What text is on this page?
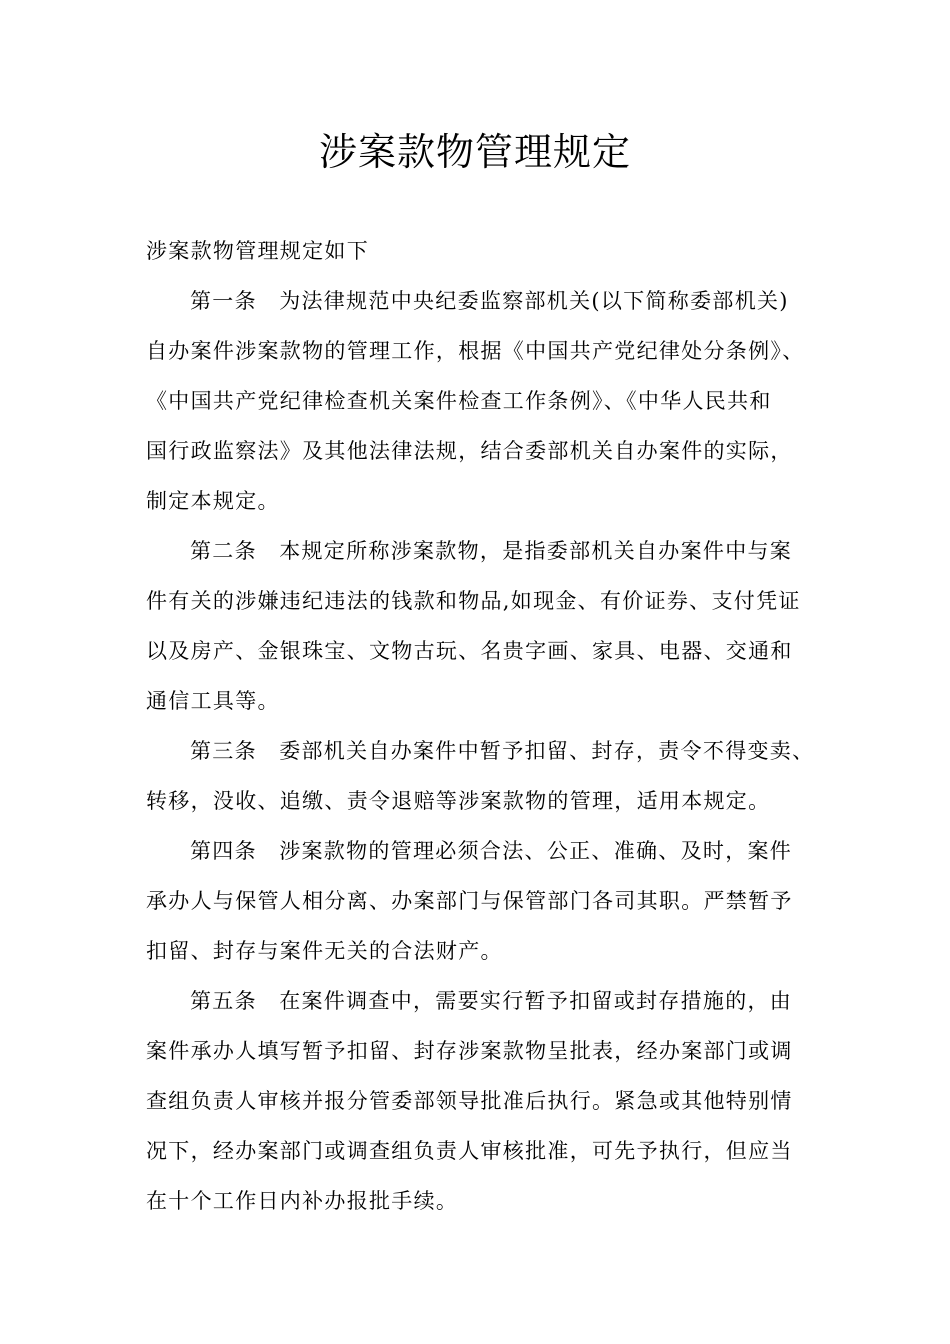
涉案款物管理规定
涉案款物管理规定如下
第一条　为法律规范中央纪委监察部机关(以下简称委部机关)
自办案件涉案款物的管理工作，根据《中国共产党纪律处分条例》、
《中国共产党纪律检查机关案件检查工作条例》、《中华人民共和
国行政监察法》及其他法律法规，结合委部机关自办案件的实际，
制定本规定。
第二条　本规定所称涉案款物，是指委部机关自办案件中与案
件有关的涉嫌违纪违法的钱款和物品,如现金、有价证券、支付凭证
以及房产、金银珠宝、文物古玩、名贵字画、家具、电器、交通和
通信工具等。
第三条　委部机关自办案件中暂予扣留、封存，责令不得变卖、
转移，没收、追缴、责令退赔等涉案款物的管理，适用本规定。
第四条　涉案款物的管理必须合法、公正、准确、及时，案件
承办人与保管人相分离、办案部门与保管部门各司其职。严禁暂予
扣留、封存与案件无关的合法财产。
第五条　在案件调查中，需要实行暂予扣留或封存措施的，由
案件承办人填写暂予扣留、封存涉案款物呈批表，经办案部门或调
查组负责人审核并报分管委部领导批准后执行。紧急或其他特别情
况下，经办案部门或调查组负责人审核批准，可先予执行，但应当
在十个工作日内补办报批手续。
